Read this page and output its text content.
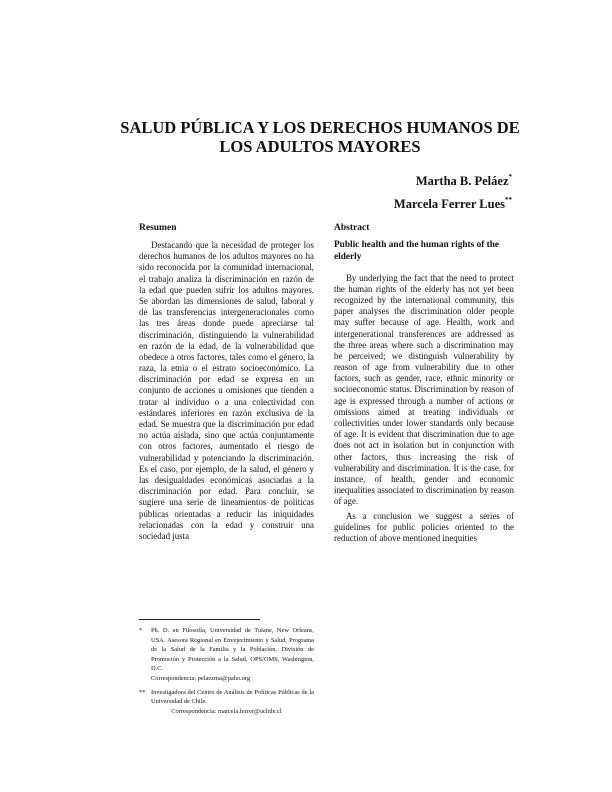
SALUD PÚBLICA Y LOS DERECHOS HUMANOS DE
LOS ADULTOS MAYORES
Martha B. Peláez*
Marcela Ferrer Lues**
Resumen

Destacando que la necesidad de proteger los derechos humanos de los adultos mayores no ha sido reconocida por la comunidad internacional, el trabajo analiza la discriminación en razón de la edad que pueden sufrir los adultos mayores. Se abordan las dimensiones de salud, laboral y de las transferencias intergeneracionales como las tres áreas donde puede apreciarse tal discriminación, distinguiendo la vulnerabilidad en razón de la edad, de la vulnerabilidad que obedece a otros factores, tales como el género, la raza, la etnia o el estrato socioeconómico. La discriminación por edad se expresa en un conjunto de acciones u omisiones que tienden a tratar al individuo o a una colectividad con estándares inferiores en razón exclusiva de la edad. Se muestra que la discriminación por edad no actúa aislada, sino que actúa conjuntamente con otros factores, aumentado el riesgo de vulnerabilidad y potenciando la discriminación. Es el caso, por ejemplo, de la salud, el género y las desigualdades económicas asociadas a la discriminación por edad. Para concluir, se sugiere una serie de lineamientos de políticas públicas orientadas a reducir las iniquidades relacionadas con la edad y construir una sociedad justa

Abstract
Public health and the human rights of the elderly

By underlying the fact that the need to protect the human rights of the elderly has not yet been recognized by the international community, this paper analyses the discrimination older people may suffer because of age. Health, work and intergenerational transferences are addressed as the three areas where such a discrimination may be perceived; we distinguish vulnerability by reason of age from vulnerability due to other factors, such as gender, race, ethnic minority or socioeconomic status. Discrimination by reason of age is expressed through a number of actions or omissions aimed at treating individuals or collectivities under lower standards only because of age. It is evident that discrimination due to age does not act in isolation but in conjunction with other factors, thus increasing the risk of vulnerability and discrimination. It is the case, for instance, of health, gender and economic inequalities associated to discrimination by reason of age.

As a conclusion we suggest a series of guidelines for public policies oriented to the reduction of above mentioned inequities

*	Ph. D. en Filosofía, Universidad de Tulane, New Orleans, USA. Asesora Regional en Envejecimiento y Salud, Programa de la Salud de la Familia y la Población, División de Promoción y Protección a la Salud, OPS/OMS, Washington, D.C.
Correspondencia: pelaezma@paho.org
** Investigadora del Centro de Análisis de Políticas Públicas de la Universidad de Chile.
Correspondencia: marcela.ferrer@uchile.cl
